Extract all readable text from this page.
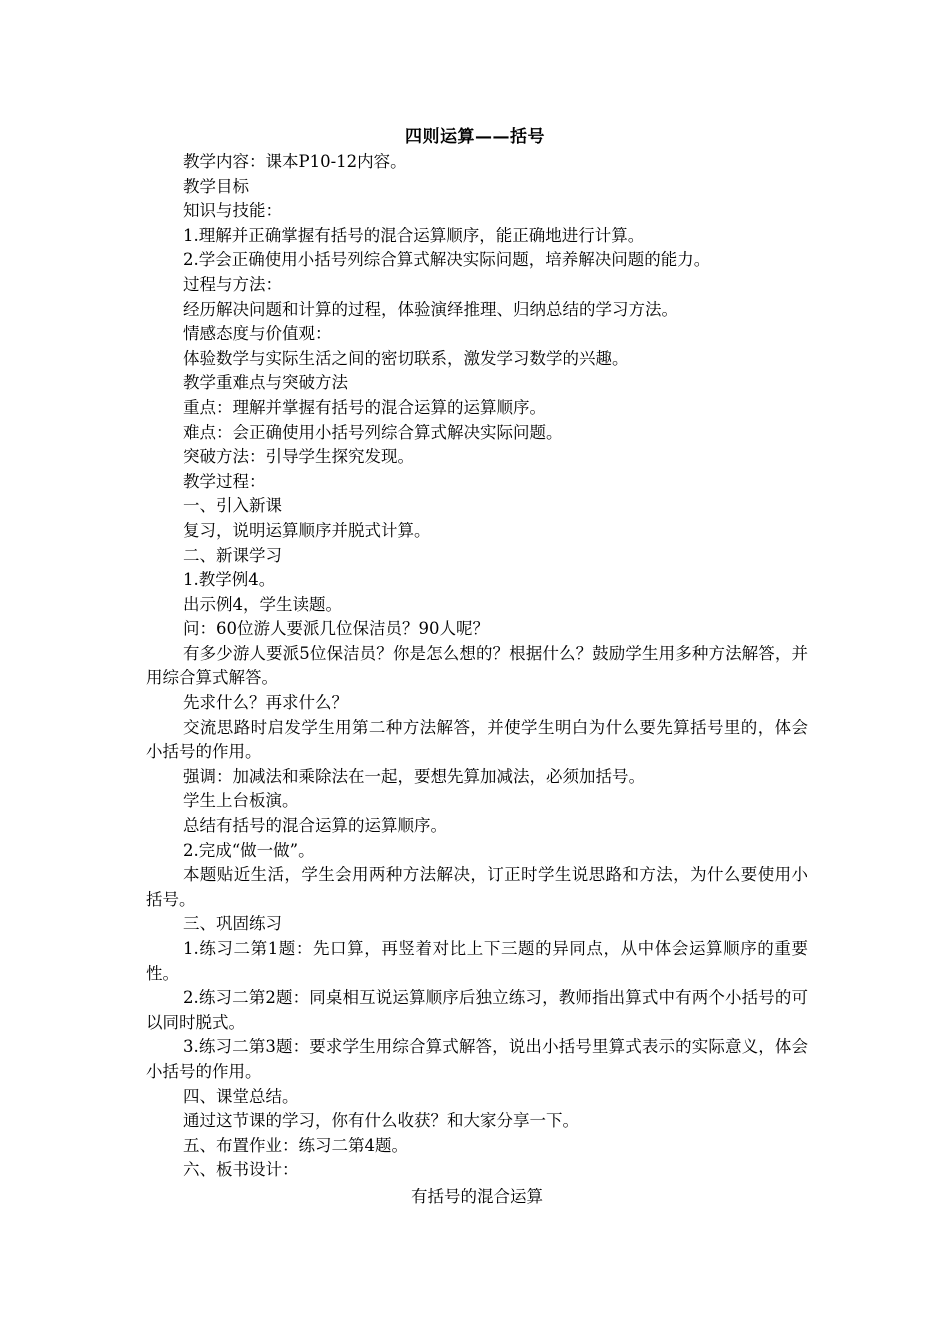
四则运算——括号

教学内容：课本P10-12内容。

教学目标

知识与技能：

1.理解并正确掌握有括号的混合运算顺序，能正确地进行计算。

2.学会正确使用小括号列综合算式解决实际问题，培养解决问题的能力。

过程与方法：

经历解决问题和计算的过程，体验演绎推理、归纳总结的学习方法。

情感态度与价值观：

体验数学与实际生活之间的密切联系，激发学习数学的兴趣。

教学重难点与突破方法

重点：理解并掌握有括号的混合运算的运算顺序。

难点：会正确使用小括号列综合算式解决实际问题。

突破方法：引导学生探究发现。

教学过程：

一、引入新课

复习，说明运算顺序并脱式计算。

二、新课学习

1.教学例4。

出示例4，学生读题。

问：60位游人要派几位保洁员？90人呢？

有多少游人要派5位保洁员？你是怎么想的？根据什么？鼓励学生用多种方法解答，并用综合算式解答。

先求什么？再求什么？

交流思路时启发学生用第二种方法解答，并使学生明白为什么要先算括号里的，体会小括号的作用。

强调：加减法和乘除法在一起，要想先算加减法，必须加括号。

学生上台板演。

总结有括号的混合运算的运算顺序。

2.完成“做一做”。

本题贴近生活，学生会用两种方法解决，订正时学生说思路和方法，为什么要使用小括号。

三、巩固练习

1.练习二第1题：先口算，再竖着对比上下三题的异同点，从中体会运算顺序的重要性。

2.练习二第2题：同桌相互说运算顺序后独立练习，教师指出算式中有两个小括号的可以同时脱式。

3.练习二第3题：要求学生用综合算式解答，说出小括号里算式表示的实际意义，体会小括号的作用。

四、课堂总结。

通过这节课的学习，你有什么收获？和大家分享一下。

五、布置作业：练习二第4题。

六、板书设计：

有括号的混合运算
